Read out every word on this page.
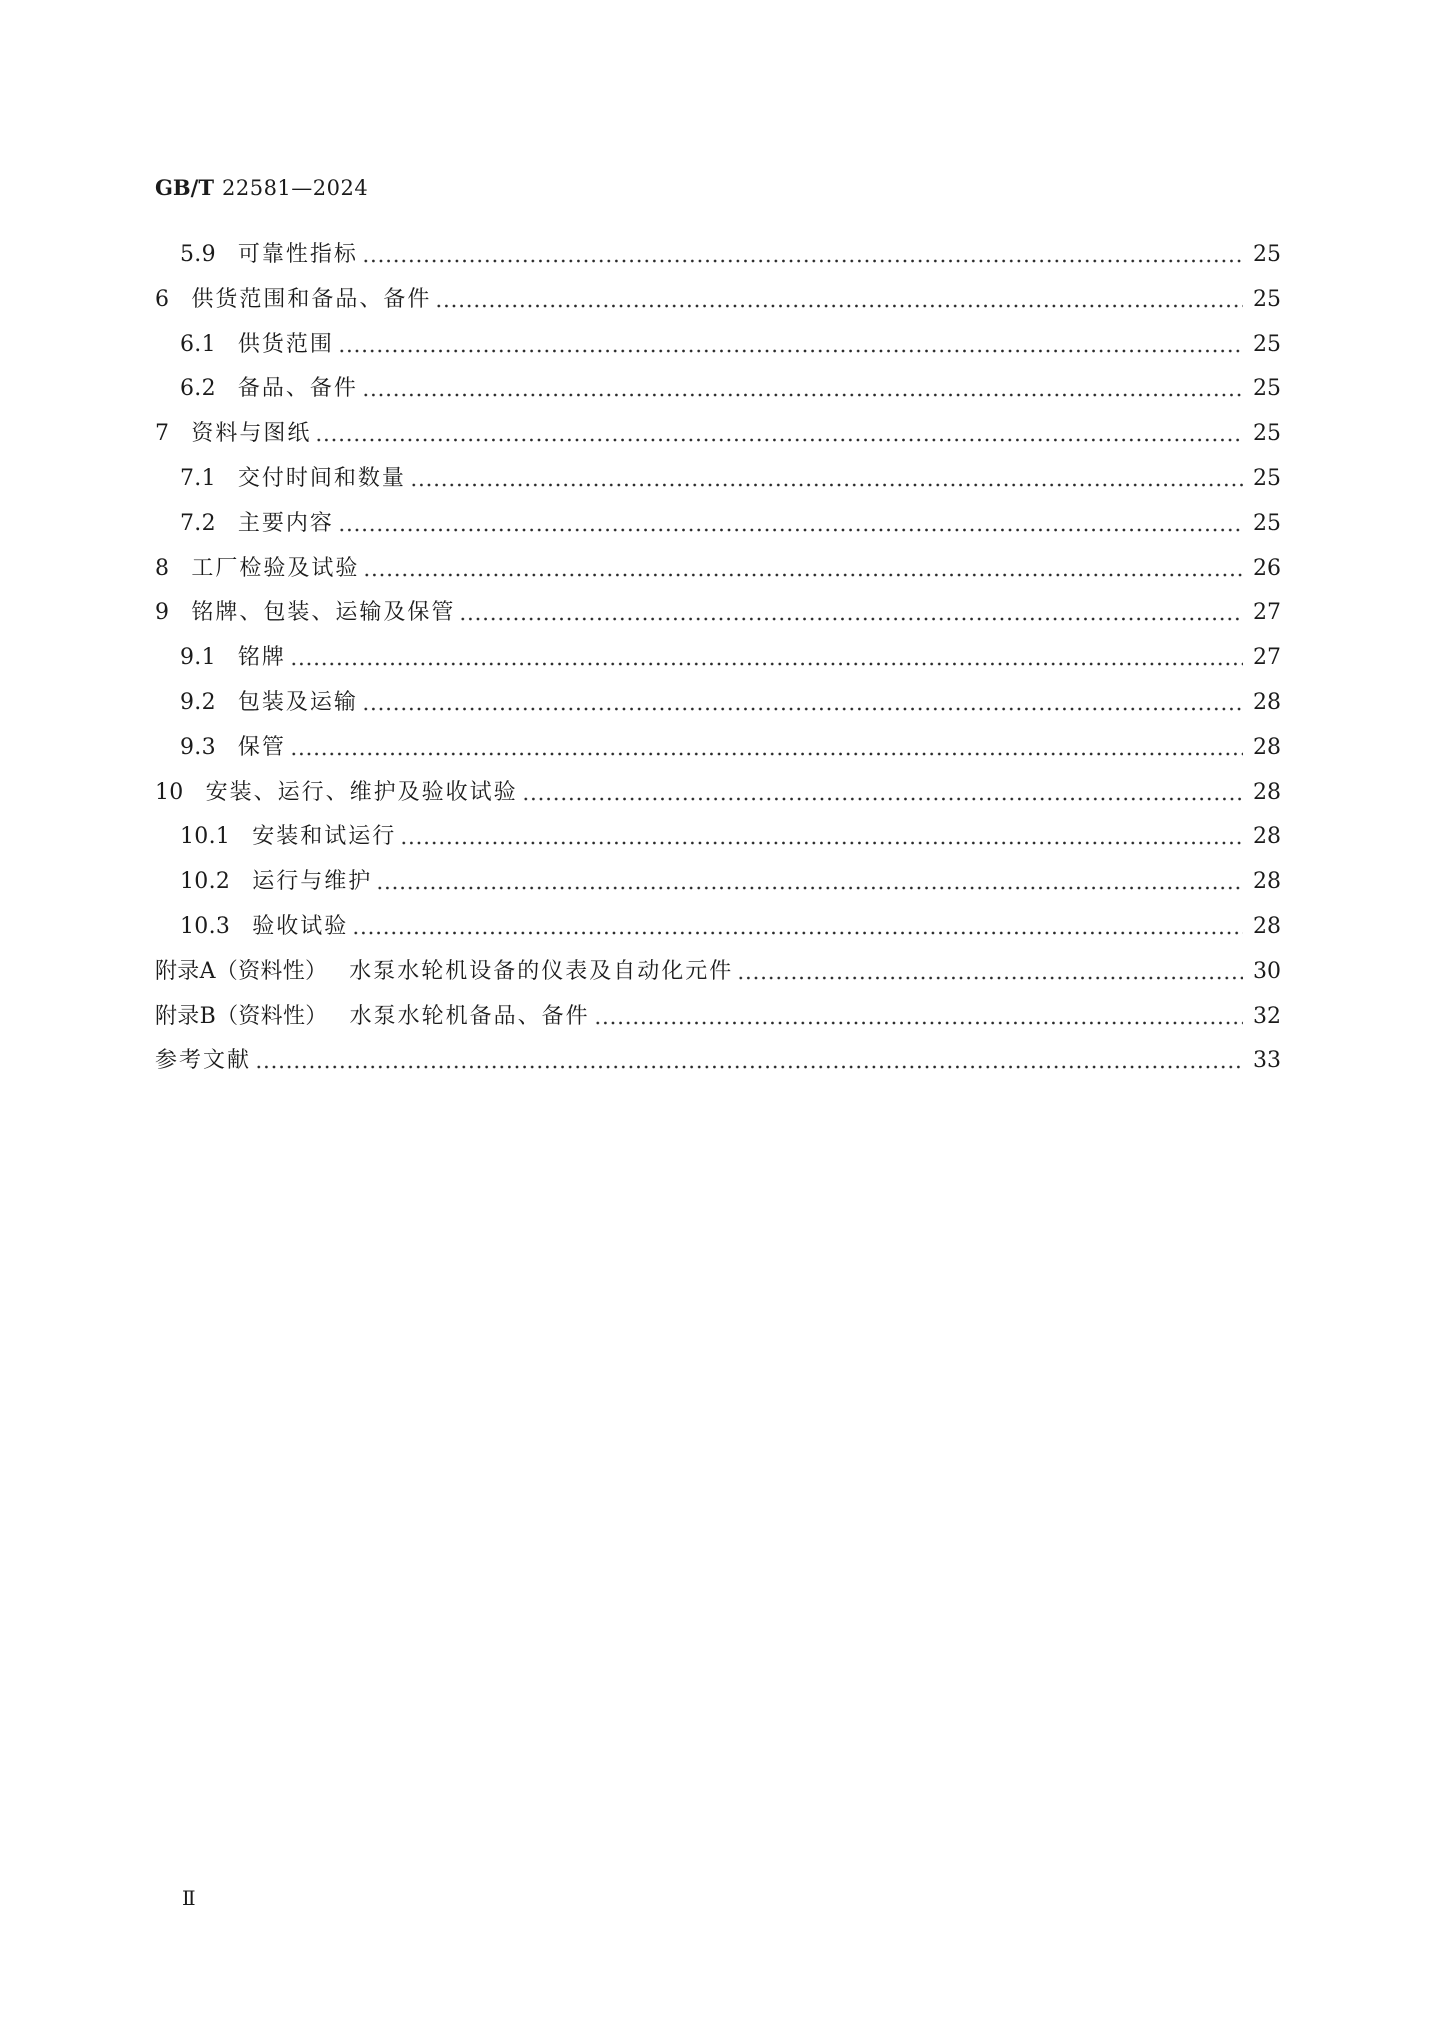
GB/T 22581—2024
5.9 可靠性指标	25
6 供货范围和备品、备件	25
6.1 供货范围	25
6.2 备品、备件	25
7 资料与图纸	25
7.1 交付时间和数量	25
7.2 主要内容	25
8 工厂检验及试验	26
9 铭牌、包装、运输及保管	27
9.1 铭牌	27
9.2 包装及运输	28
9.3 保管	28
10 安装、运行、维护及验收试验	28
10.1 安装和试运行	28
10.2 运行与维护	28
10.3 验收试验	28
附录A（资料性） 水泵水轮机设备的仪表及自动化元件	30
附录B（资料性） 水泵水轮机备品、备件	32
参考文献	33
Ⅱ
